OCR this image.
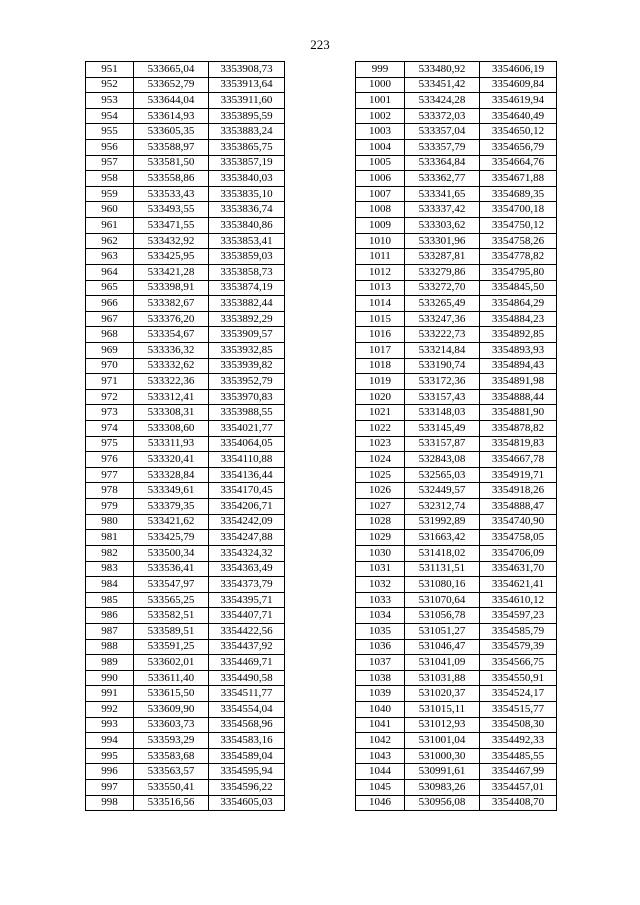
223
951	533665,04	3353908,73
952	533652,79	3353913,64
953	533644,04	3353911,60
954	533614,93	3353895,59
955	533605,35	3353883,24
956	533588,97	3353865,75
957	533581,50	3353857,19
958	533558,86	3353840,03
959	533533,43	3353835,10
960	533493,55	3353836,74
961	533471,55	3353840,86
962	533432,92	3353853,41
963	533425,95	3353859,03
964	533421,28	3353858,73
965	533398,91	3353874,19
966	533382,67	3353882,44
967	533376,20	3353892,29
968	533354,67	3353909,57
969	533336,32	3353932,85
970	533332,62	3353939,82
971	533322,36	3353952,79
972	533312,41	3353970,83
973	533308,31	3353988,55
974	533308,60	3354021,77
975	533311,93	3354064,05
976	533320,41	3354110,88
977	533328,84	3354136,44
978	533349,61	3354170,45
979	533379,35	3354206,71
980	533421,62	3354242,09
981	533425,79	3354247,88
982	533500,34	3354324,32
983	533536,41	3354363,49
984	533547,97	3354373,79
985	533565,25	3354395,71
986	533582,51	3354407,71
987	533589,51	3354422,56
988	533591,25	3354437,92
989	533602,01	3354469,71
990	533611,40	3354490,58
991	533615,50	3354511,77
992	533609,90	3354554,04
993	533603,73	3354568,96
994	533593,29	3354583,16
995	533583,68	3354589,04
996	533563,57	3354595,94
997	533550,41	3354596,22
998	533516,56	3354605,03
999	533480,92	3354606,19
1000	533451,42	3354609,84
1001	533424,28	3354619,94
1002	533372,03	3354640,49
1003	533357,04	3354650,12
1004	533357,79	3354656,79
1005	533364,84	3354664,76
1006	533362,77	3354671,88
1007	533341,65	3354689,35
1008	533337,42	3354700,18
1009	533303,62	3354750,12
1010	533301,96	3354758,26
1011	533287,81	3354778,82
1012	533279,86	3354795,80
1013	533272,70	3354845,50
1014	533265,49	3354864,29
1015	533247,36	3354884,23
1016	533222,73	3354892,85
1017	533214,84	3354893,93
1018	533190,74	3354894,43
1019	533172,36	3354891,98
1020	533157,43	3354888,44
1021	533148,03	3354881,90
1022	533145,49	3354878,82
1023	533157,87	3354819,83
1024	532843,08	3354667,78
1025	532565,03	3354919,71
1026	532449,57	3354918,26
1027	532312,74	3354888,47
1028	531992,89	3354740,90
1029	531663,42	3354758,05
1030	531418,02	3354706,09
1031	531131,51	3354631,70
1032	531080,16	3354621,41
1033	531070,64	3354610,12
1034	531056,78	3354597,23
1035	531051,27	3354585,79
1036	531046,47	3354579,39
1037	531041,09	3354566,75
1038	531031,88	3354550,91
1039	531020,37	3354524,17
1040	531015,11	3354515,77
1041	531012,93	3354508,30
1042	531001,04	3354492,33
1043	531000,30	3354485,55
1044	530991,61	3354467,99
1045	530983,26	3354457,01
1046	530956,08	3354408,70
